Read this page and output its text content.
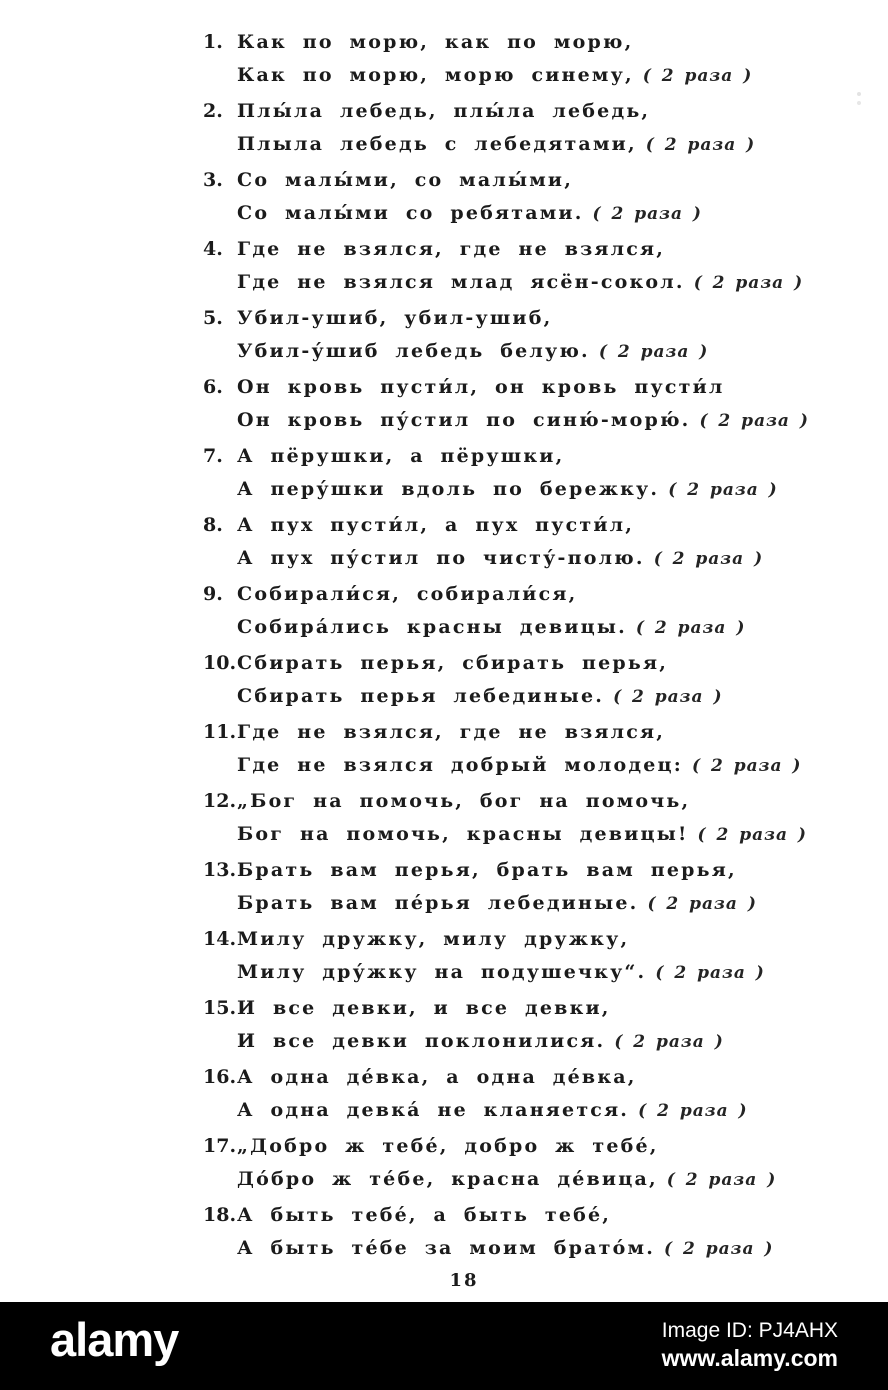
1. Как по морю, как по морю,
Как по морю, морю синему, ( 2 раза )
2. Плы́ла лебедь, плы́ла лебедь,
Плыла лебедь с лебедятами, ( 2 раза )
3. Со малы́ми, со малы́ми,
Со малы́ми со ребятами. ( 2 раза )
4. Где не взялся, где не взялся,
Где не взялся млад ясён-сокол. ( 2 раза )
5. Убил-ушиб, убил-ушиб,
Убил-у́шиб лебедь белую. ( 2 раза )
6. Он кровь пусти́л, он кровь пусти́л
Он кровь пу́стил по синю́-морю́. ( 2 раза )
7. А пёрушки, а пёрушки,
А перу́шки вдоль по бережку. ( 2 раза )
8. А пух пусти́л, а пух пусти́л,
А пух пу́стил по чисту́-полю. ( 2 раза )
9. Собирали́ся, собирали́ся,
Собира́лись красны девицы. ( 2 раза )
10.Сбирать перья, сбирать перья,
Сбирать перья лебединые. ( 2 раза )
11.Где не взялся, где не взялся,
Где не взялся добрый молодец: ( 2 раза )
12.„Бог на помочь, бог на помочь,
Бог на помочь, красны девицы! ( 2 раза )
13.Брать вам перья, брать вам перья,
Брать вам пе́рья лебединые. ( 2 раза )
14.Милу дружку, милу дружку,
Милу дру́жку на подушечку“. ( 2 раза )
15.И все девки, и все девки,
И все девки поклонилися. ( 2 раза )
16.А одна де́вка, а одна де́вка,
А одна девка́ не кланяется. ( 2 раза )
17.„Добро ж тебе́, добро ж тебе́,
До́бро ж те́бе, красна де́вица, ( 2 раза )
18.А быть тебе́, а быть тебе́,
А быть те́бе за моим брато́м. ( 2 раза )
18
alamy	Image ID: PJ4AHX
www.alamy.com
